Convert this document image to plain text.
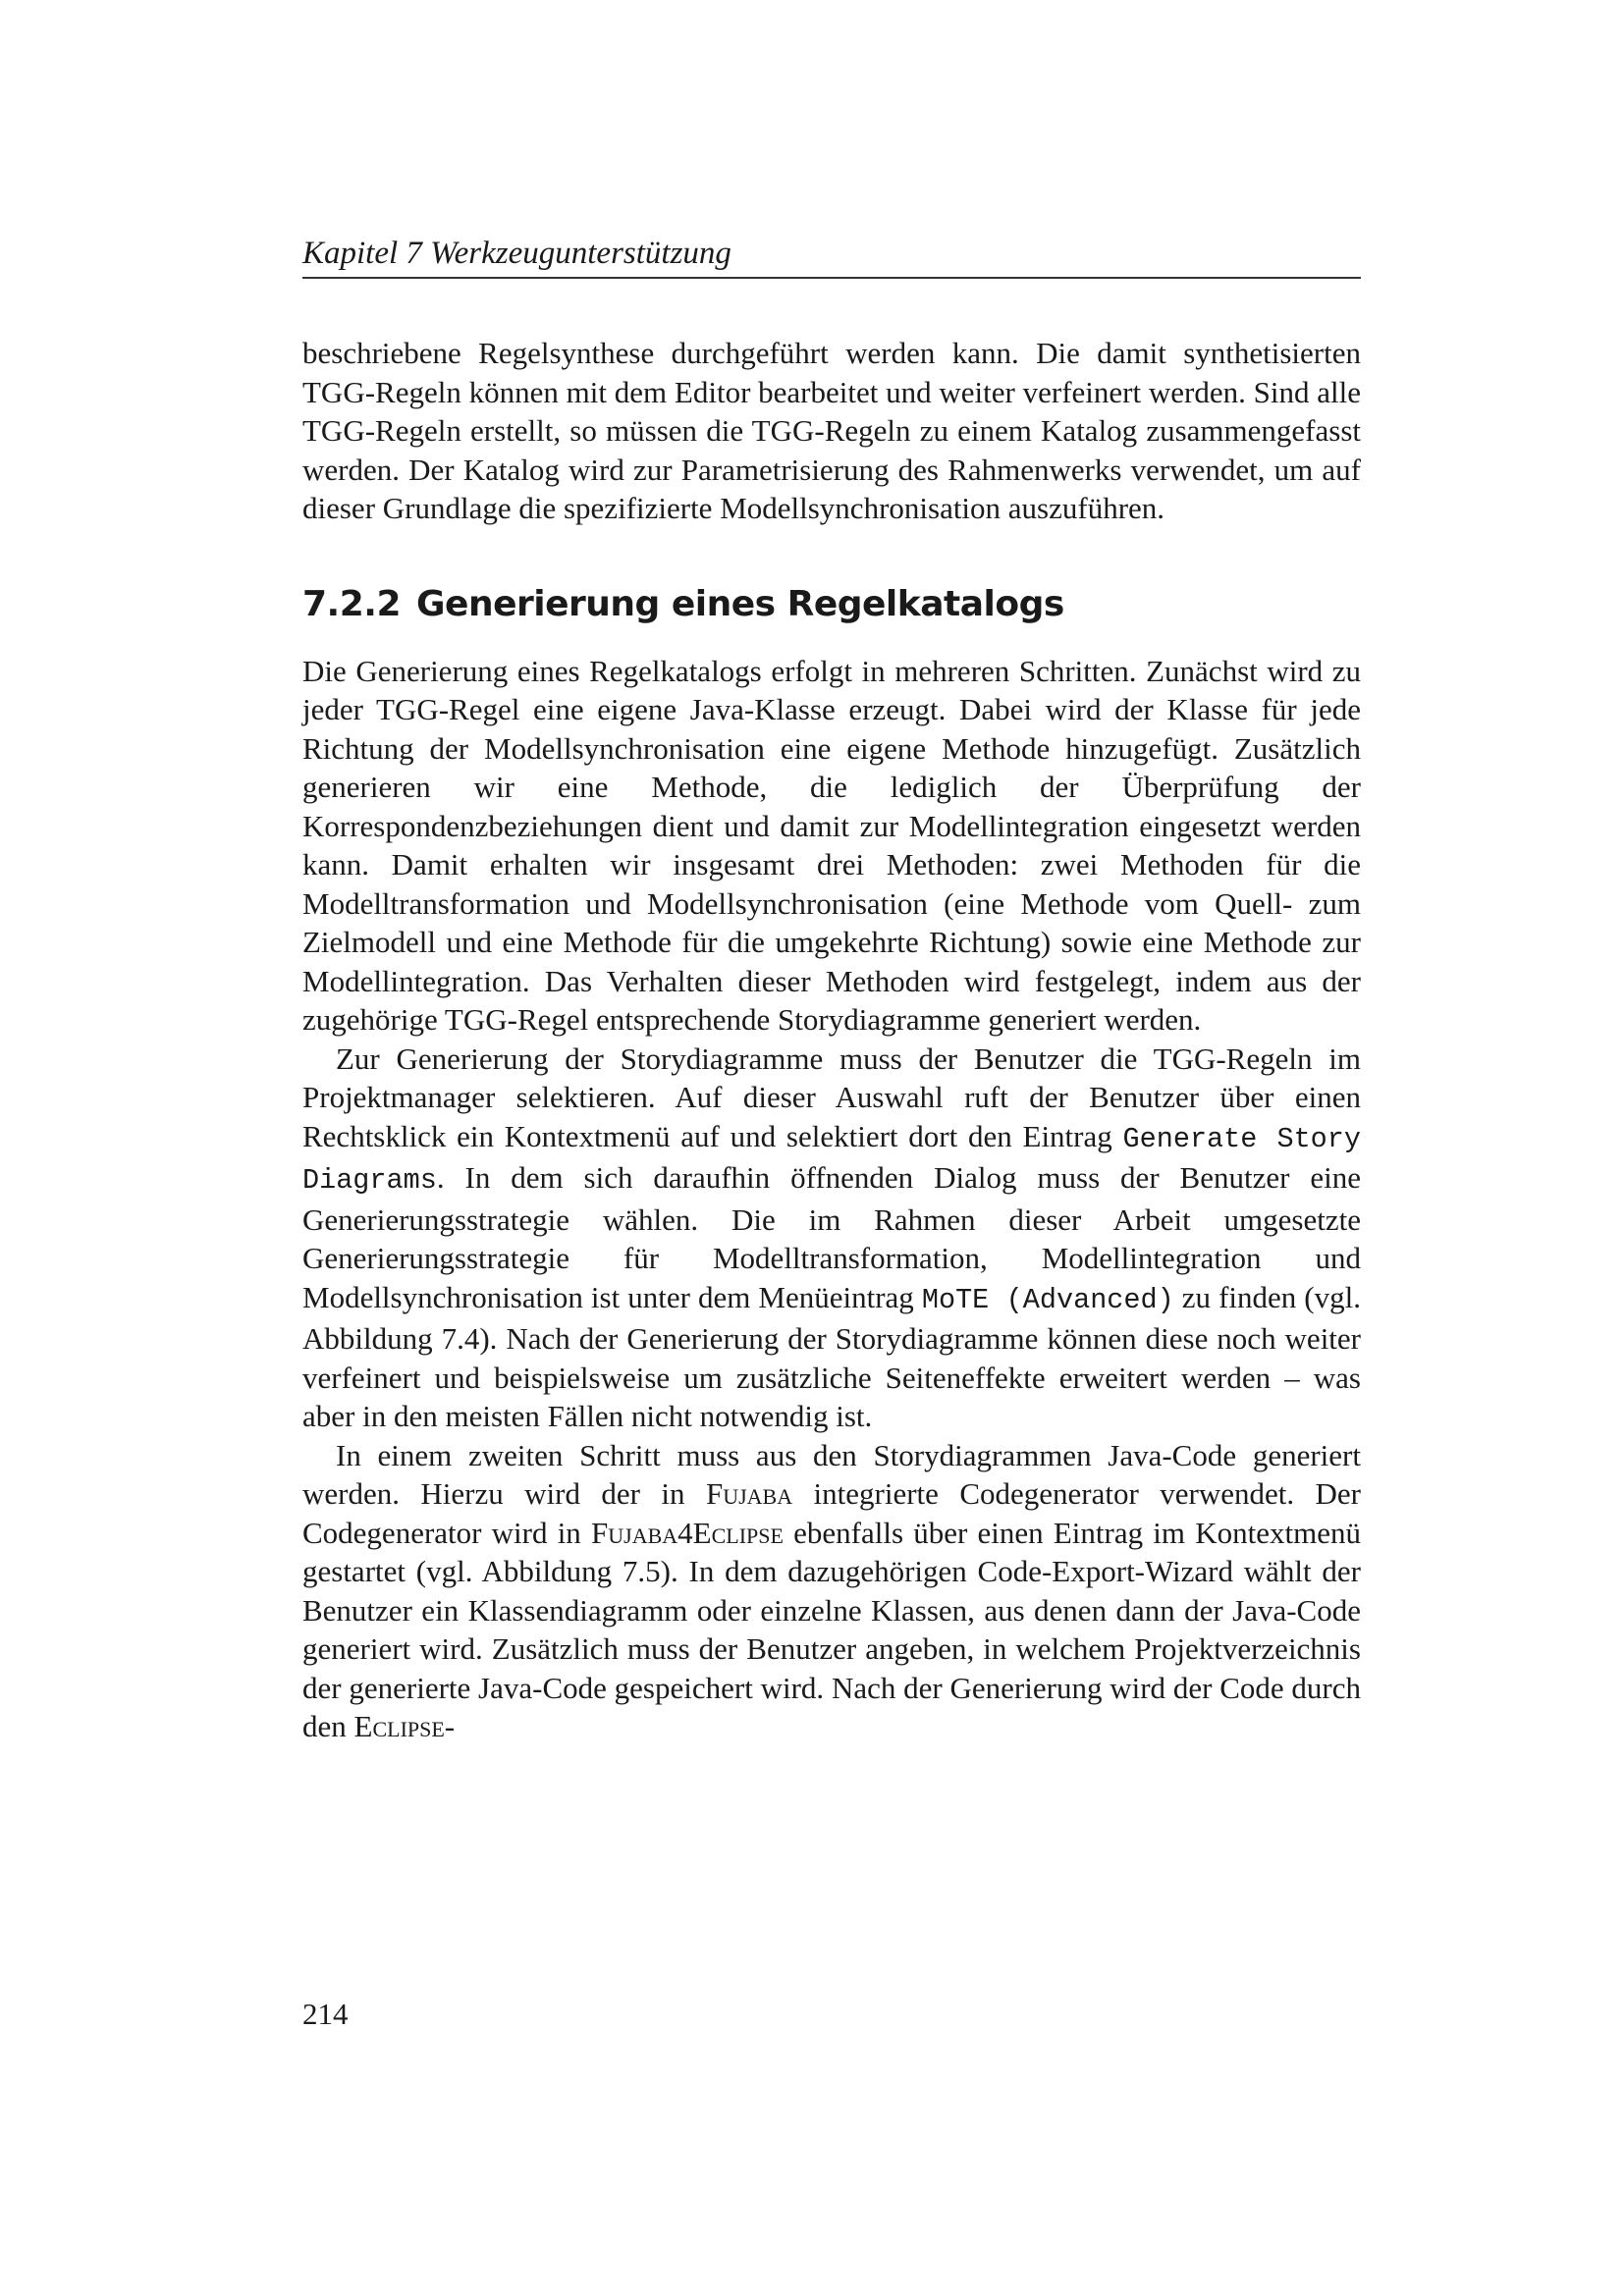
Kapitel 7 Werkzeugunterstützung

beschriebene Regelsynthese durchgeführt werden kann. Die damit synthetisierten TGG-Regeln können mit dem Editor bearbeitet und weiter verfeinert werden. Sind alle TGG-Regeln erstellt, so müssen die TGG-Regeln zu einem Katalog zusammengefasst werden. Der Katalog wird zur Parametrisierung des Rahmenwerks verwendet, um auf dieser Grundlage die spezifizierte Modellsynchronisation auszuführen.

7.2.2 Generierung eines Regelkatalogs

Die Generierung eines Regelkatalogs erfolgt in mehreren Schritten. Zunächst wird zu jeder TGG-Regel eine eigene Java-Klasse erzeugt. Dabei wird der Klasse für jede Richtung der Modellsynchronisation eine eigene Methode hinzugefügt. Zusätzlich generieren wir eine Methode, die lediglich der Überprüfung der Korrespondenzbeziehungen dient und damit zur Modellintegration eingesetzt werden kann. Damit erhalten wir insgesamt drei Methoden: zwei Methoden für die Modelltransformation und Modellsynchronisation (eine Methode vom Quell- zum Zielmodell und eine Methode für die umgekehrte Richtung) sowie eine Methode zur Modellintegration. Das Verhalten dieser Methoden wird festgelegt, indem aus der zugehörige TGG-Regel entsprechende Storydiagramme generiert werden.

Zur Generierung der Storydiagramme muss der Benutzer die TGG-Regeln im Projektmanager selektieren. Auf dieser Auswahl ruft der Benutzer über einen Rechtsklick ein Kontextmenü auf und selektiert dort den Eintrag Generate Story Diagrams. In dem sich daraufhin öffnenden Dialog muss der Benutzer eine Generierungsstrategie wählen. Die im Rahmen dieser Arbeit umgesetzte Generierungsstrategie für Modelltransformation, Modellintegration und Modellsynchronisation ist unter dem Menüeintrag MoTE (Advanced) zu finden (vgl. Abbildung 7.4). Nach der Generierung der Storydiagramme können diese noch weiter verfeinert und beispielsweise um zusätzliche Seiteneffekte erweitert werden – was aber in den meisten Fällen nicht notwendig ist.

In einem zweiten Schritt muss aus den Storydiagrammen Java-Code generiert werden. Hierzu wird der in Fujaba integrierte Codegenerator verwendet. Der Codegenerator wird in Fujaba4Eclipse ebenfalls über einen Eintrag im Kontextmenü gestartet (vgl. Abbildung 7.5). In dem dazugehörigen Code-Export-Wizard wählt der Benutzer ein Klassendiagramm oder einzelne Klassen, aus denen dann der Java-Code generiert wird. Zusätzlich muss der Benutzer angeben, in welchem Projektverzeichnis der generierte Java-Code gespeichert wird. Nach der Generierung wird der Code durch den Eclipse-

214
